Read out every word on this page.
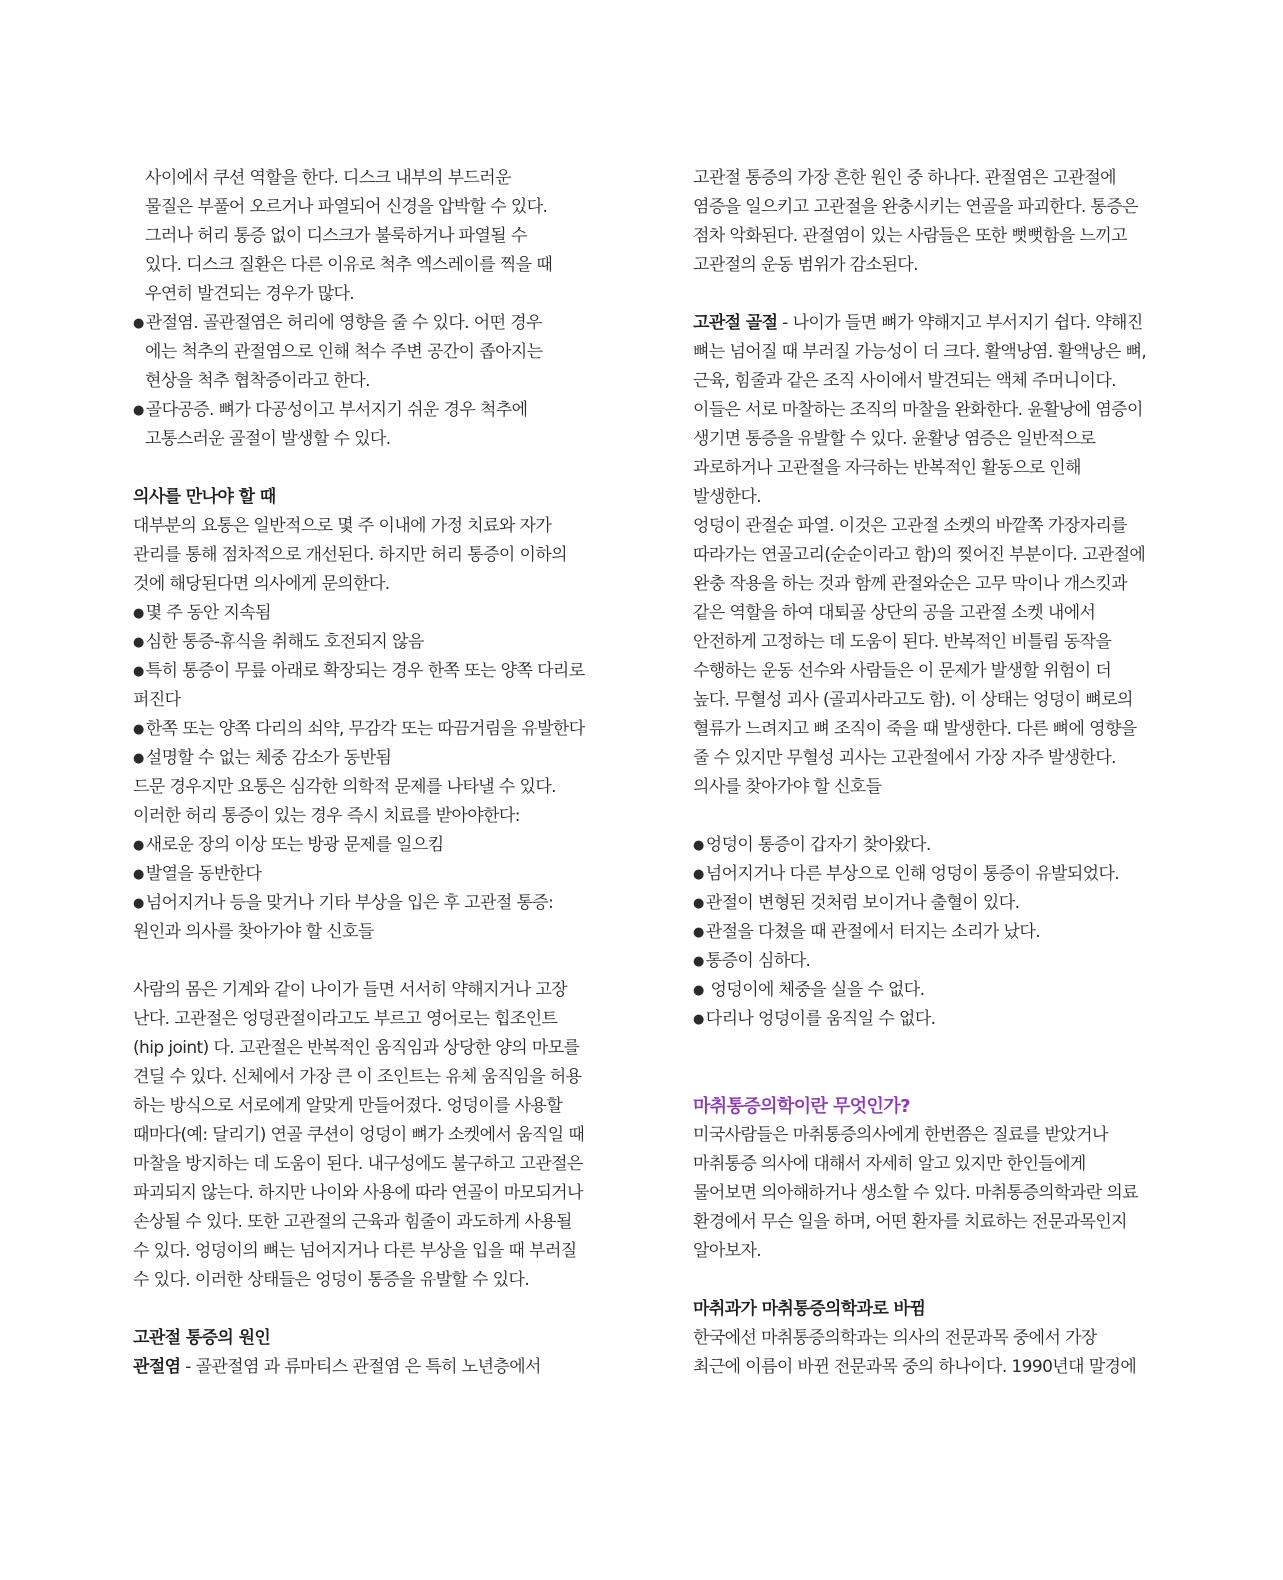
사이에서 쿠션 역할을 한다. 디스크 내부의 부드러운
물질은 부풀어 오르거나 파열되어 신경을 압박할 수 있다.
그러나 허리 통증 없이 디스크가 불룩하거나 파열될 수
있다. 디스크 질환은 다른 이유로 척추 엑스레이를 찍을 때
우연히 발견되는 경우가 많다.
● 관절염. 골관절염은 허리에 영향을 줄 수 있다. 어떤 경우
에는 척추의 관절염으로 인해 척수 주변 공간이 좁아지는
현상을 척추 협착증이라고 한다.
● 골다공증. 뼈가 다공성이고 부서지기 쉬운 경우 척추에
고통스러운 골절이 발생할 수 있다.
의사를 만나야 할 때
대부분의 요통은 일반적으로 몇 주 이내에 가정 치료와 자가
관리를 통해 점차적으로 개선된다. 하지만 허리 통증이 이하의
것에 해당된다면 의사에게 문의한다.
● 몇 주 동안 지속됨
● 심한 통증-휴식을 취해도 호전되지 않음
● 특히 통증이 무릎 아래로 확장되는 경우 한쪽 또는 양쪽 다리로
퍼진다
● 한쪽 또는 양쪽 다리의 쇠약, 무감각 또는 따끔거림을 유발한다
● 설명할 수 없는 체중 감소가 동반됨
드문 경우지만 요통은 심각한 의학적 문제를 나타낼 수 있다.
이러한 허리 통증이 있는 경우 즉시 치료를 받아야한다:
● 새로운 장의 이상 또는 방광 문제를 일으킴
● 발열을 동반한다
● 넘어지거나 등을 맞거나 기타 부상을 입은 후 고관절 통증:
원인과 의사를 찾아가야 할 신호들
사람의 몸은 기계와 같이 나이가 들면 서서히 약해지거나 고장
난다. 고관절은 엉덩관절이라고도 부르고 영어로는 힙조인트
(hip joint) 다. 고관절은 반복적인 움직임과 상당한 양의 마모를
견딜 수 있다. 신체에서 가장 큰 이 조인트는 유체 움직임을 허용
하는 방식으로 서로에게 알맞게 만들어졌다. 엉덩이를 사용할
때마다(예: 달리기) 연골 쿠션이 엉덩이 뼈가 소켓에서 움직일 때
마찰을 방지하는 데 도움이 된다. 내구성에도 불구하고 고관절은
파괴되지 않는다. 하지만 나이와 사용에 따라 연골이 마모되거나
손상될 수 있다. 또한 고관절의 근육과 힘줄이 과도하게 사용될
수 있다. 엉덩이의 뼈는 넘어지거나 다른 부상을 입을 때 부러질
수 있다. 이러한 상태들은 엉덩이 통증을 유발할 수 있다.
고관절 통증의 원인
관절염 - 골관절염 과 류마티스 관절염 은 특히 노년층에서
고관절 통증의 가장 흔한 원인 중 하나다. 관절염은 고관절에
염증을 일으키고 고관절을 완충시키는 연골을 파괴한다. 통증은
점차 악화된다. 관절염이 있는 사람들은 또한 뻣뻣함을 느끼고
고관절의 운동 범위가 감소된다.
고관절 골절 - 나이가 들면 뼈가 약해지고 부서지기 쉽다. 약해진
뼈는 넘어질 때 부러질 가능성이 더 크다. 활액낭염. 활액낭은 뼈,
근육, 힘줄과 같은 조직 사이에서 발견되는 액체 주머니이다.
이들은 서로 마찰하는 조직의 마찰을 완화한다. 윤활낭에 염증이
생기면 통증을 유발할 수 있다. 윤활낭 염증은 일반적으로
과로하거나 고관절을 자극하는 반복적인 활동으로 인해
발생한다.
엉덩이 관절순 파열. 이것은 고관절 소켓의 바깥쪽 가장자리를
따라가는 연골고리(순순이라고 함)의 찢어진 부분이다. 고관절에
완충 작용을 하는 것과 함께 관절와순은 고무 막이나 개스킷과
같은 역할을 하여 대퇴골 상단의 공을 고관절 소켓 내에서
안전하게 고정하는 데 도움이 된다. 반복적인 비틀림 동작을
수행하는 운동 선수와 사람들은 이 문제가 발생할 위험이 더
높다. 무혈성 괴사 (골괴사라고도 함). 이 상태는 엉덩이 뼈로의
혈류가 느려지고 뼈 조직이 죽을 때 발생한다. 다른 뼈에 영향을
줄 수 있지만 무혈성 괴사는 고관절에서 가장 자주 발생한다.
의사를 찾아가야 할 신호들
● 엉덩이 통증이 갑자기 찾아왔다.
● 넘어지거나 다른 부상으로 인해 엉덩이 통증이 유발되었다.
● 관절이 변형된 것처럼 보이거나 출혈이 있다.
● 관절을 다쳤을 때 관절에서 터지는 소리가 났다.
● 통증이 심하다.
●  엉덩이에 체중을 실을 수 없다.
● 다리나 엉덩이를 움직일 수 없다.
마취통증의학이란 무엇인가?
미국사람들은 마취통증의사에게 한번쯤은 질료를 받았거나
마취통증 의사에 대해서 자세히 알고 있지만 한인들에게
물어보면 의아해하거나 생소할 수 있다. 마취통증의학과란 의료
환경에서 무슨 일을 하며, 어떤 환자를 치료하는 전문과목인지
알아보자.
마취과가 마취통증의학과로 바뀜
한국에선 마취통증의학과는 의사의 전문과목 중에서 가장
최근에 이름이 바뀐 전문과목 중의 하나이다. 1990년대 말경에
